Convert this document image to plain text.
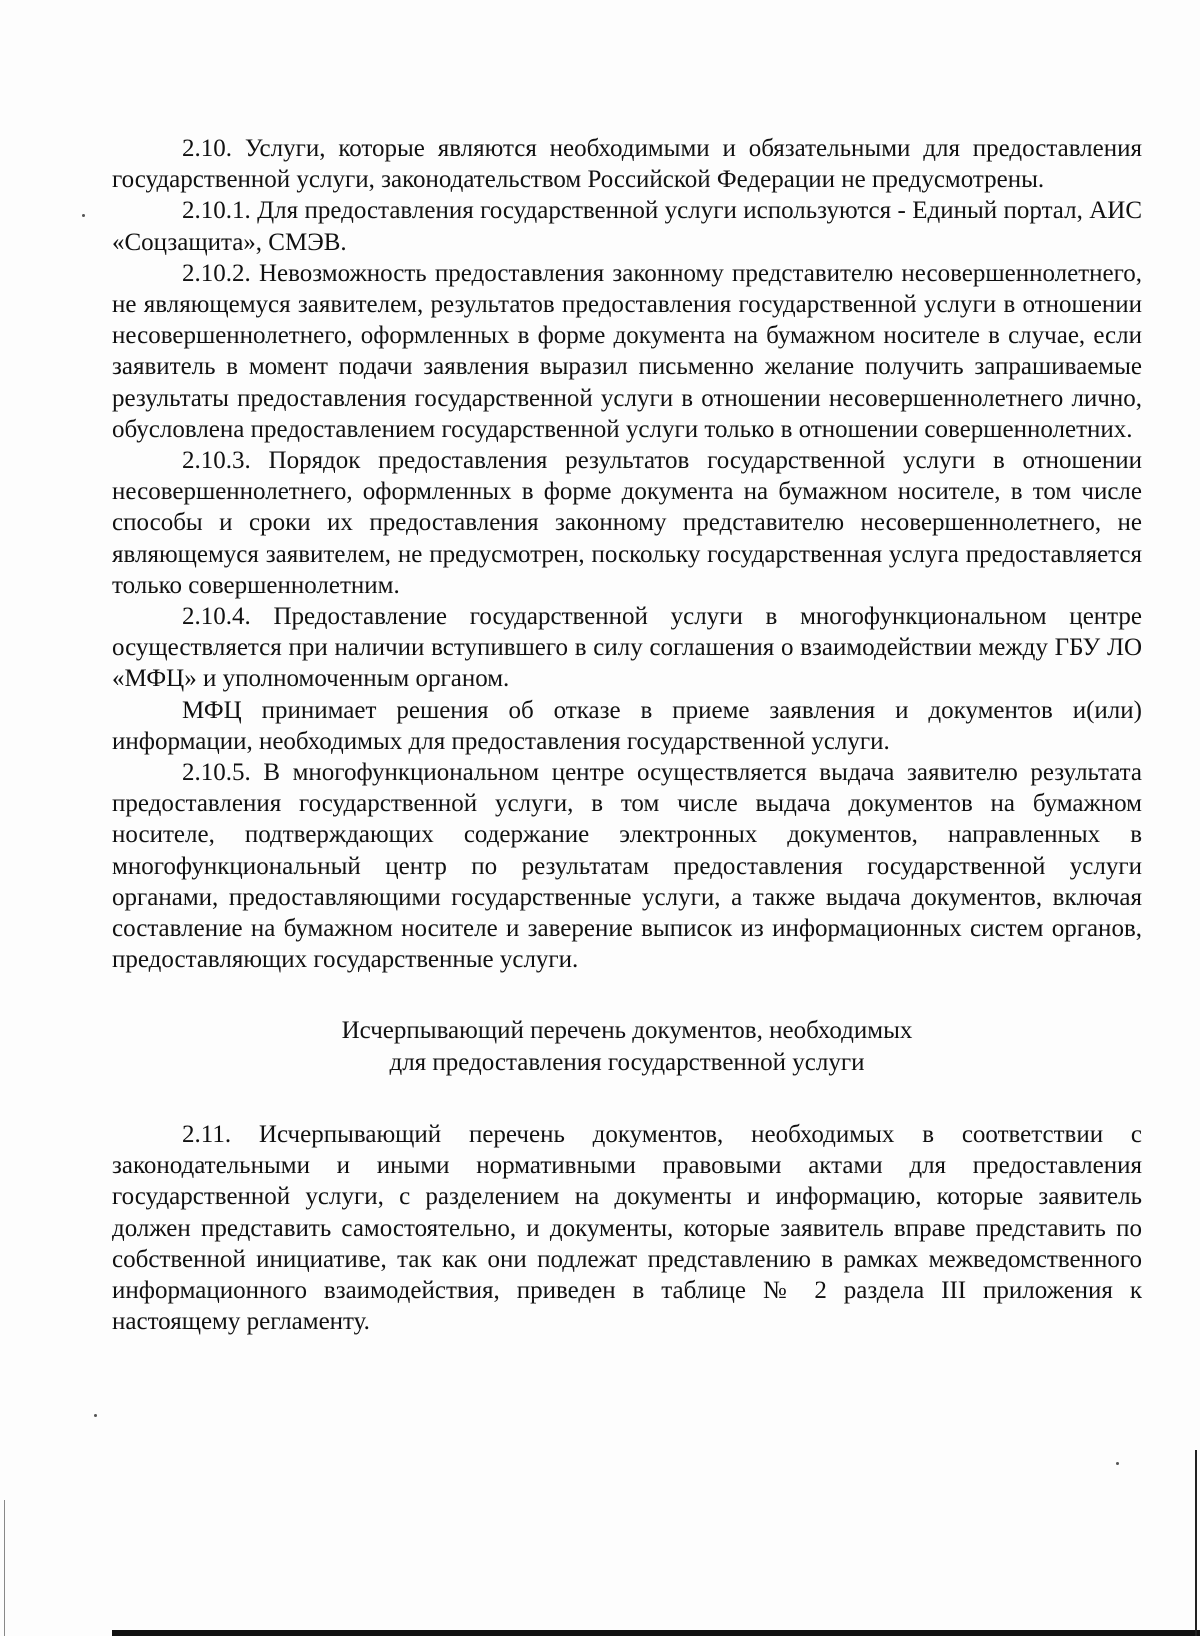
2.10. Услуги, которые являются необходимыми и обязательными для предоставления государственной услуги, законодательством Российской Федерации не предусмотрены.

2.10.1. Для предоставления государственной услуги используются - Единый портал, АИС «Соцзащита», СМЭВ.

2.10.2. Невозможность предоставления законному представителю несовершеннолетнего, не являющемуся заявителем, результатов предоставления государственной услуги в отношении несовершеннолетнего, оформленных в форме документа на бумажном носителе в случае, если заявитель в момент подачи заявления выразил письменно желание получить запрашиваемые результаты предоставления государственной услуги в отношении несовершеннолетнего лично, обусловлена предоставлением государственной услуги только в отношении совершеннолетних.

2.10.3. Порядок предоставления результатов государственной услуги в отношении несовершеннолетнего, оформленных в форме документа на бумажном носителе, в том числе способы и сроки их предоставления законному представителю несовершеннолетнего, не являющемуся заявителем, не предусмотрен, поскольку государственная услуга предоставляется только совершеннолетним.

2.10.4. Предоставление государственной услуги в многофункциональном центре осуществляется при наличии вступившего в силу соглашения о взаимодействии между ГБУ ЛО «МФЦ» и уполномоченным органом.

МФЦ принимает решения об отказе в приеме заявления и документов и(или) информации, необходимых для предоставления государственной услуги.

2.10.5. В многофункциональном центре осуществляется выдача заявителю результата предоставления государственной услуги, в том числе выдача документов на бумажном носителе, подтверждающих содержание электронных документов, направленных в многофункциональный центр по результатам предоставления государственной услуги органами, предоставляющими государственные услуги, а также выдача документов, включая составление на бумажном носителе и заверение выписок из информационных систем органов, предоставляющих государственные услуги.

Исчерпывающий перечень документов, необходимых
для предоставления государственной услуги

2.11. Исчерпывающий перечень документов, необходимых в соответствии с законодательными и иными нормативными правовыми актами для предоставления государственной услуги, с разделением на документы и информацию, которые заявитель должен представить самостоятельно, и документы, которые заявитель вправе представить по собственной инициативе, так как они подлежат представлению в рамках межведомственного информационного взаимодействия, приведен в таблице № 2 раздела III приложения к настоящему регламенту.
